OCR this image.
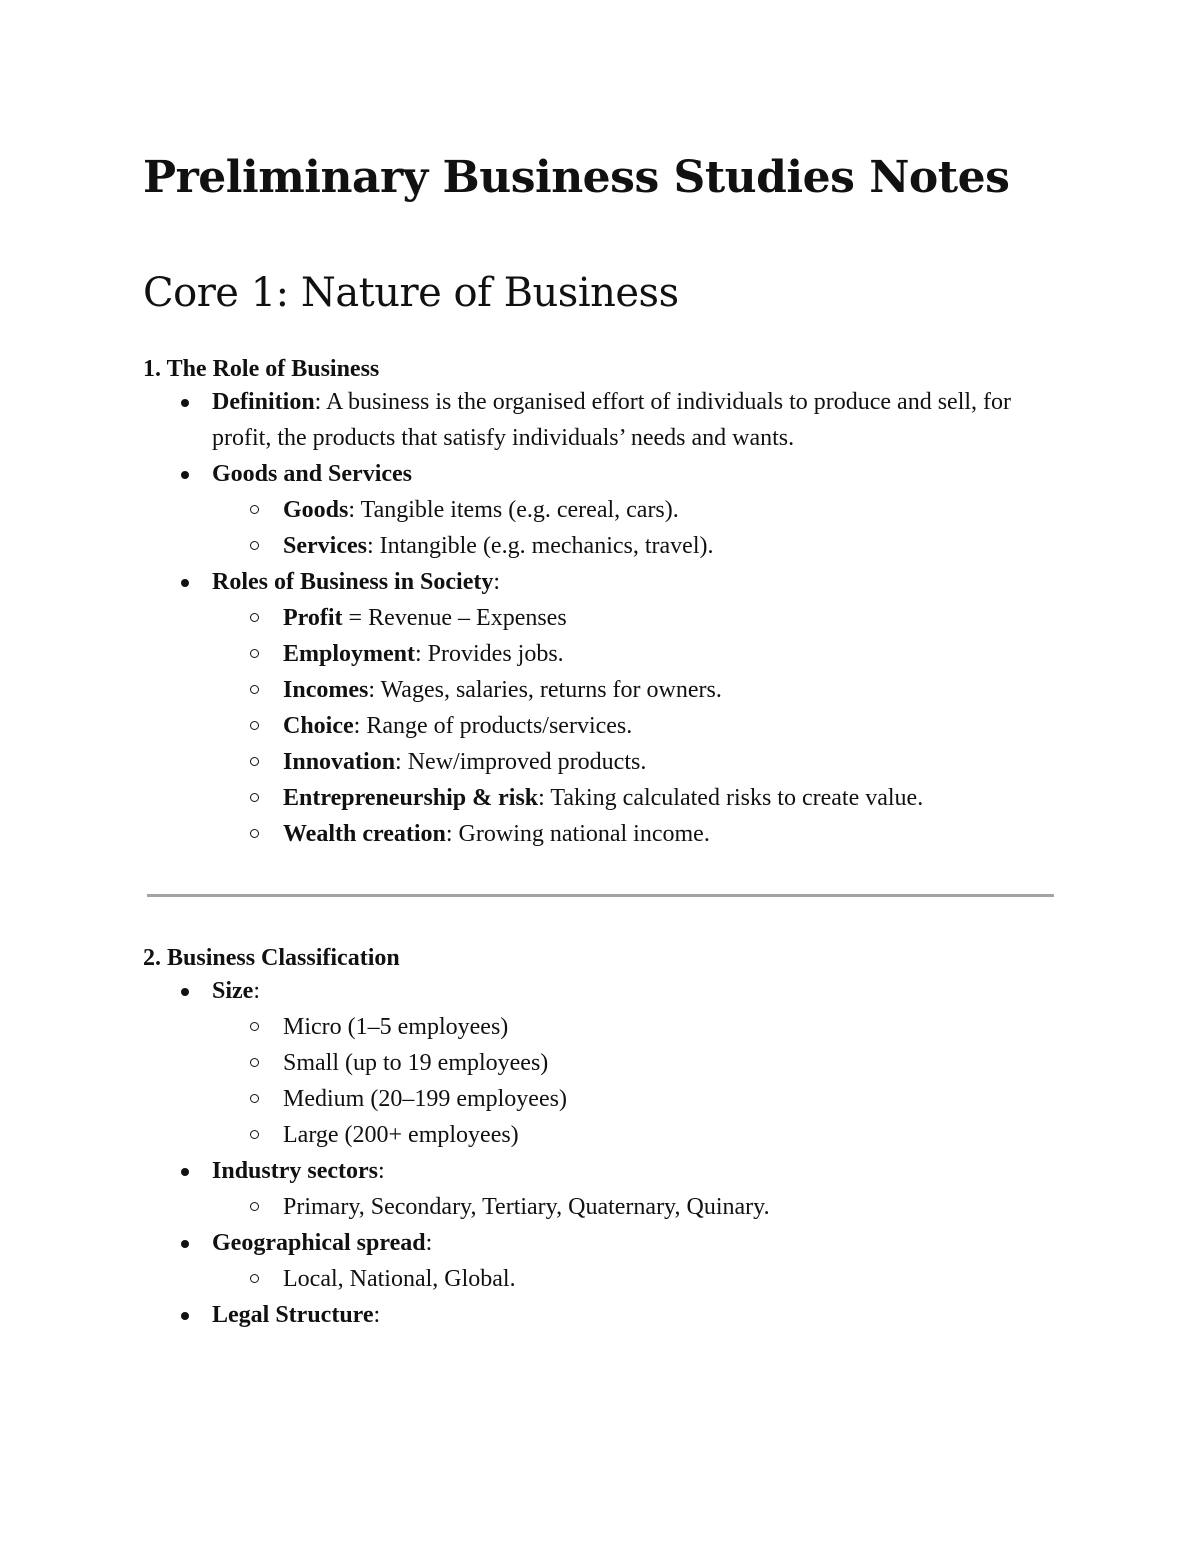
Preliminary Business Studies Notes
Core 1: Nature of Business
1. The Role of Business
Definition: A business is the organised effort of individuals to produce and sell, for profit, the products that satisfy individuals’ needs and wants.
Goods and Services
Goods: Tangible items (e.g. cereal, cars).
Services: Intangible (e.g. mechanics, travel).
Roles of Business in Society:
Profit = Revenue – Expenses
Employment: Provides jobs.
Incomes: Wages, salaries, returns for owners.
Choice: Range of products/services.
Innovation: New/improved products.
Entrepreneurship & risk: Taking calculated risks to create value.
Wealth creation: Growing national income.
2. Business Classification
Size:
Micro (1–5 employees)
Small (up to 19 employees)
Medium (20–199 employees)
Large (200+ employees)
Industry sectors:
Primary, Secondary, Tertiary, Quaternary, Quinary.
Geographical spread:
Local, National, Global.
Legal Structure:
